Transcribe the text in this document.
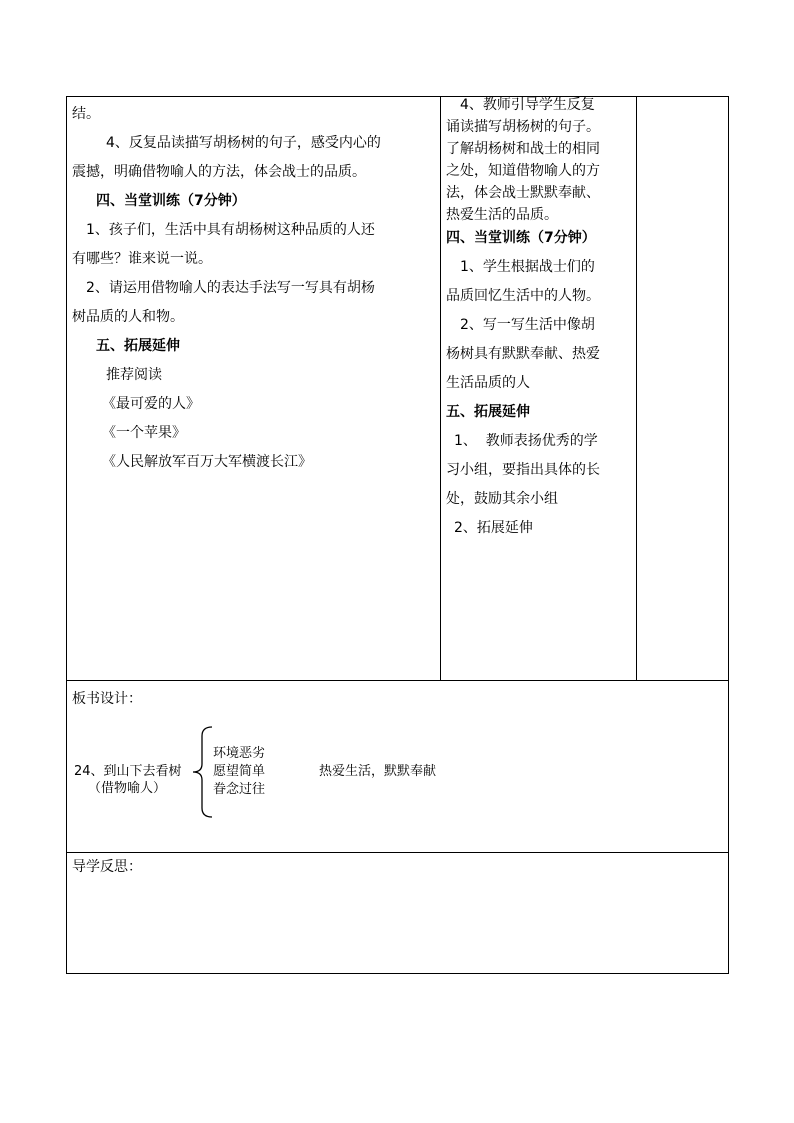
结。

4、反复品读描写胡杨树的句子，感受内心的

震撼，明确借物喻人的方法，体会战士的品质。

四、当堂训练（7分钟）

1、孩子们，生活中具有胡杨树这种品质的人还

有哪些？谁来说一说。

2、请运用借物喻人的表达手法写一写具有胡杨

树品质的人和物。

五、拓展延伸

推荐阅读

《最可爱的人》

《一个苹果》

《人民解放军百万大军横渡长江》

4、教师引导学生反复

诵读描写胡杨树的句子。

了解胡杨树和战士的相同

之处，知道借物喻人的方

法，体会战士默默奉献、

热爱生活的品质。

四、当堂训练（7分钟）

1、学生根据战士们的

品质回忆生活中的人物。

2、写一写生活中像胡

杨树具有默默奉献、热爱

生活品质的人

五、拓展延伸

1、  教师表扬优秀的学

习小组，要指出具体的长

处，鼓励其余小组

2、拓展延伸

板书设计：
24、到山下去看树
（借物喻人）
环境恶劣
愿望简单
眷念过往
热爱生活，默默奉献
导学反思：
